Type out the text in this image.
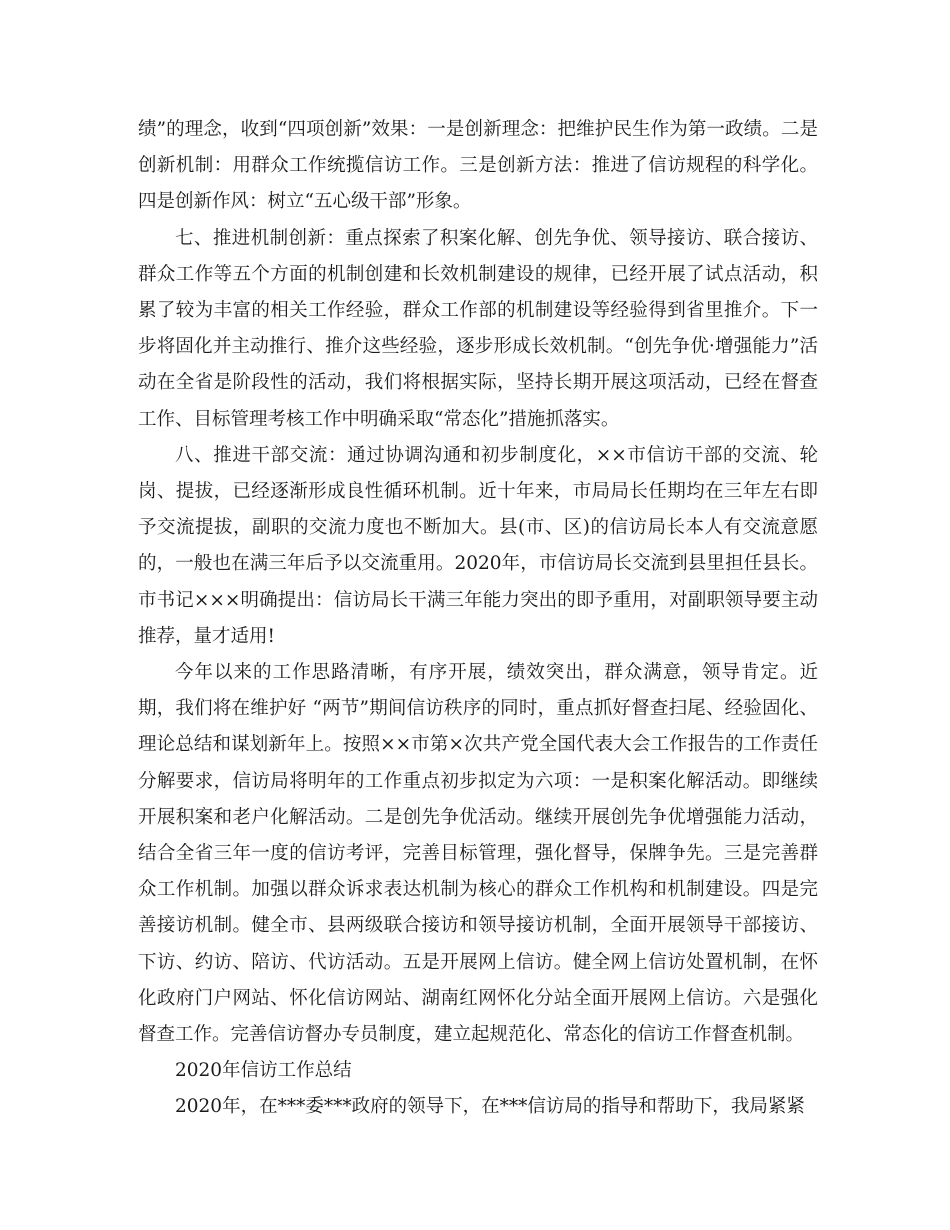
绩”的理念，收到“四项创新”效果：一是创新理念：把维护民生作为第一政绩。二是创新机制：用群众工作统揽信访工作。三是创新方法：推进了信访规程的科学化。四是创新作风：树立“五心级干部”形象。

七、推进机制创新：重点探索了积案化解、创先争优、领导接访、联合接访、群众工作等五个方面的机制创建和长效机制建设的规律，已经开展了试点活动，积累了较为丰富的相关工作经验，群众工作部的机制建设等经验得到省里推介。下一步将固化并主动推行、推介这些经验，逐步形成长效机制。“创先争优·增强能力”活动在全省是阶段性的活动，我们将根据实际，坚持长期开展这项活动，已经在督查工作、目标管理考核工作中明确采取“常态化”措施抓落实。

八、推进干部交流：通过协调沟通和初步制度化，××市信访干部的交流、轮岗、提拔，已经逐渐形成良性循环机制。近十年来，市局局长任期均在三年左右即予交流提拔，副职的交流力度也不断加大。县(市、区)的信访局长本人有交流意愿的，一般也在满三年后予以交流重用。2020年，市信访局长交流到县里担任县长。市书记×××明确提出：信访局长干满三年能力突出的即予重用，对副职领导要主动推荐，量才适用!

今年以来的工作思路清晰，有序开展，绩效突出，群众满意，领导肯定。近期，我们将在维护好 “两节”期间信访秩序的同时，重点抓好督查扫尾、经验固化、理论总结和谋划新年上。按照××市第×次共产党全国代表大会工作报告的工作责任分解要求，信访局将明年的工作重点初步拟定为六项：一是积案化解活动。即继续开展积案和老户化解活动。二是创先争优活动。继续开展创先争优增强能力活动，结合全省三年一度的信访考评，完善目标管理，强化督导，保牌争先。三是完善群众工作机制。加强以群众诉求表达机制为核心的群众工作机构和机制建设。四是完善接访机制。健全市、县两级联合接访和领导接访机制，全面开展领导干部接访、下访、约访、陪访、代访活动。五是开展网上信访。健全网上信访处置机制，在怀化政府门户网站、怀化信访网站、湖南红网怀化分站全面开展网上信访。六是强化督查工作。完善信访督办专员制度，建立起规范化、常态化的信访工作督查机制。

2020年信访工作总结

2020年，在***委***政府的领导下，在***信访局的指导和帮助下，我局紧紧
